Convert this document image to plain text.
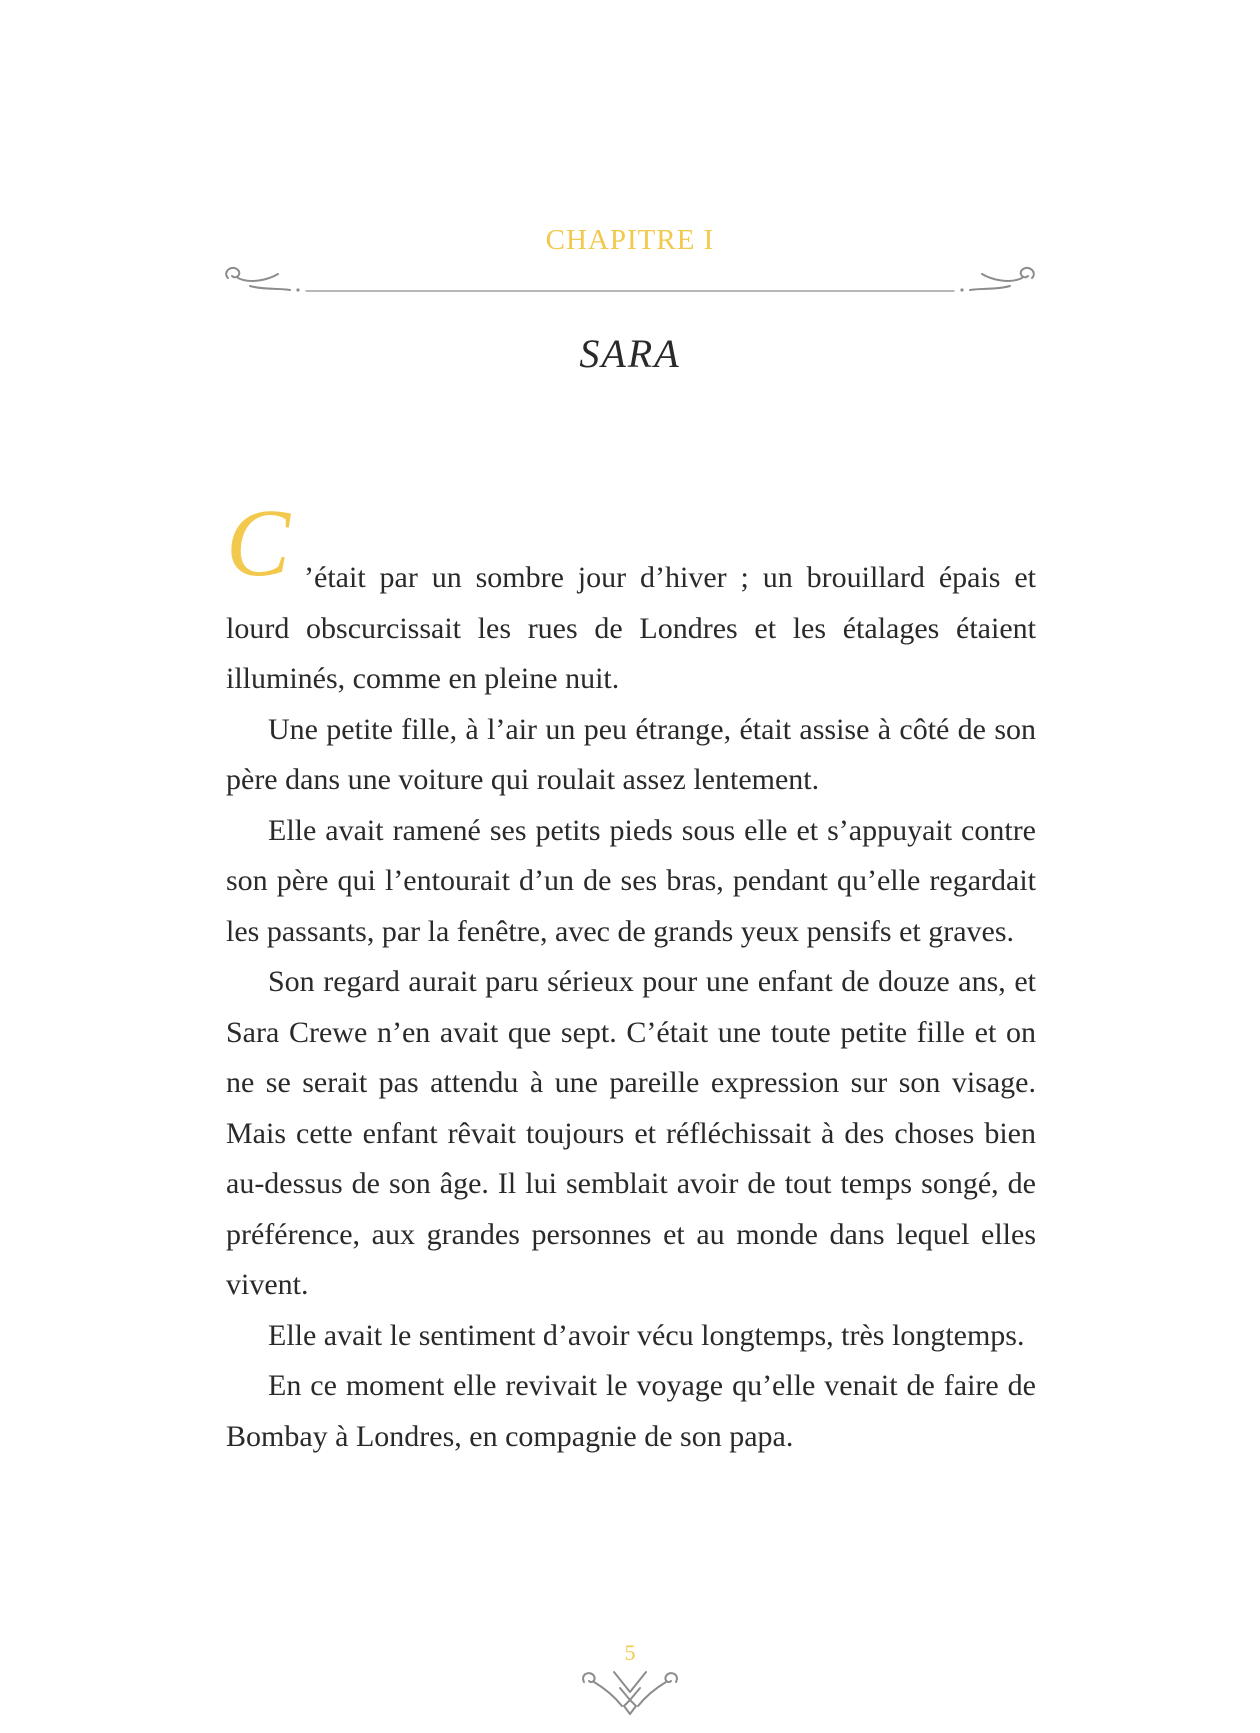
CHAPITRE I
SARA

C ’était par un sombre jour d’hiver ; un brouillard épais et lourd obscurcissait les rues de Londres et les étalages étaient illuminés, comme en pleine nuit.

Une petite fille, à l’air un peu étrange, était assise à côté de son père dans une voiture qui roulait assez lentement.

Elle avait ramené ses petits pieds sous elle et s’appuyait contre son père qui l’entourait d’un de ses bras, pendant qu’elle regardait les passants, par la fenêtre, avec de grands yeux pensifs et graves.

Son regard aurait paru sérieux pour une enfant de douze ans, et Sara Crewe n’en avait que sept. C’était une toute petite fille et on ne se serait pas attendu à une pareille expression sur son visage. Mais cette enfant rêvait toujours et réfléchissait à des choses bien au-dessus de son âge. Il lui semblait avoir de tout temps songé, de préférence, aux grandes personnes et au monde dans lequel elles vivent.

Elle avait le sentiment d’avoir vécu longtemps, très longtemps.

En ce moment elle revivait le voyage qu’elle venait de faire de Bombay à Londres, en compagnie de son papa.

5
